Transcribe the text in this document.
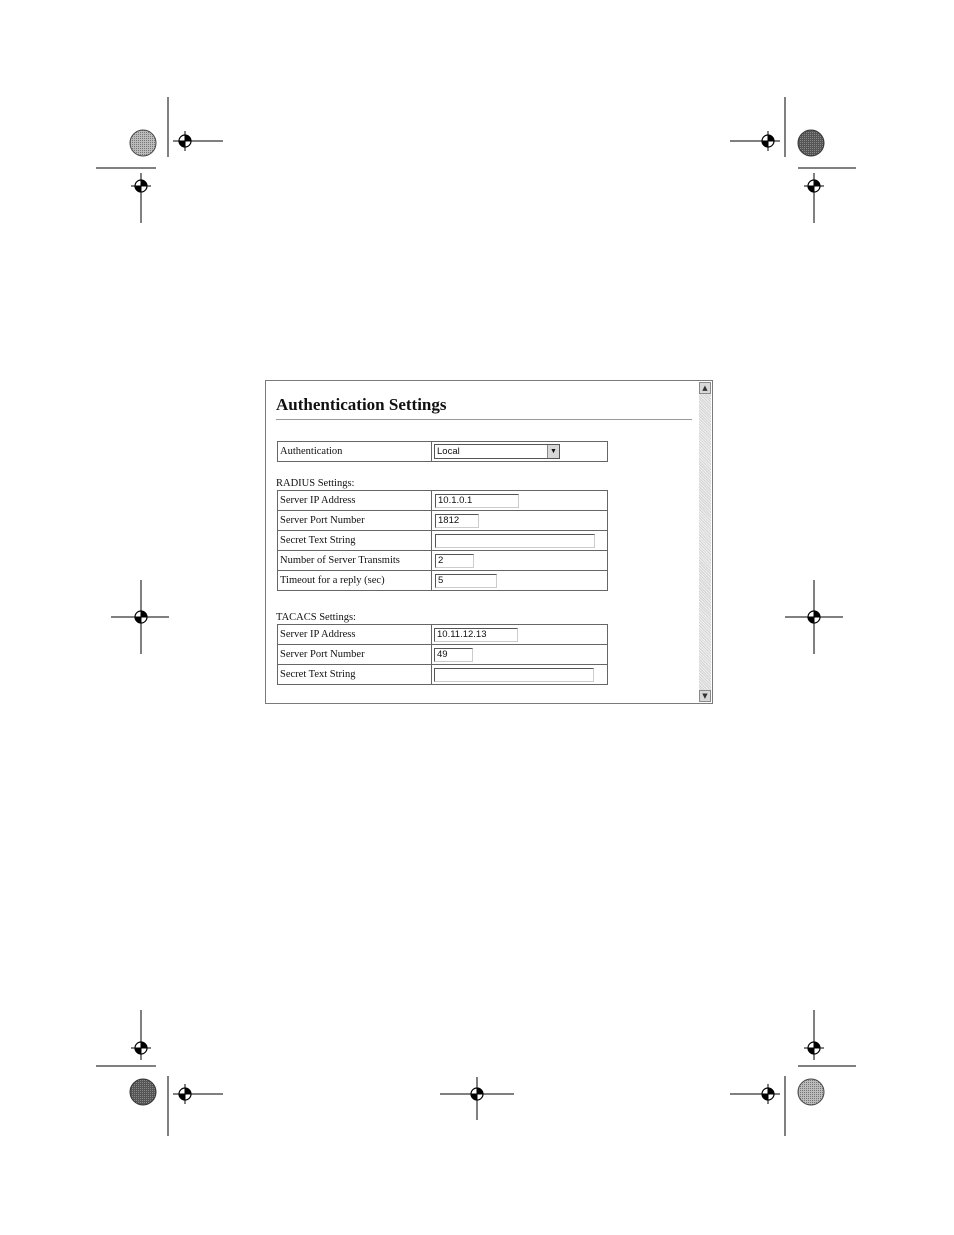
Authentication Settings
Authentication	Local	▼
RADIUS Settings:
Server IP Address	10.1.0.1
Server Port Number	1812
Secret Text String	
Number of Server Transmits	2
Timeout for a reply (sec)	5
TACACS Settings:
Server IP Address	10.11.12.13
Server Port Number	49
Secret Text String	
▲
▼
